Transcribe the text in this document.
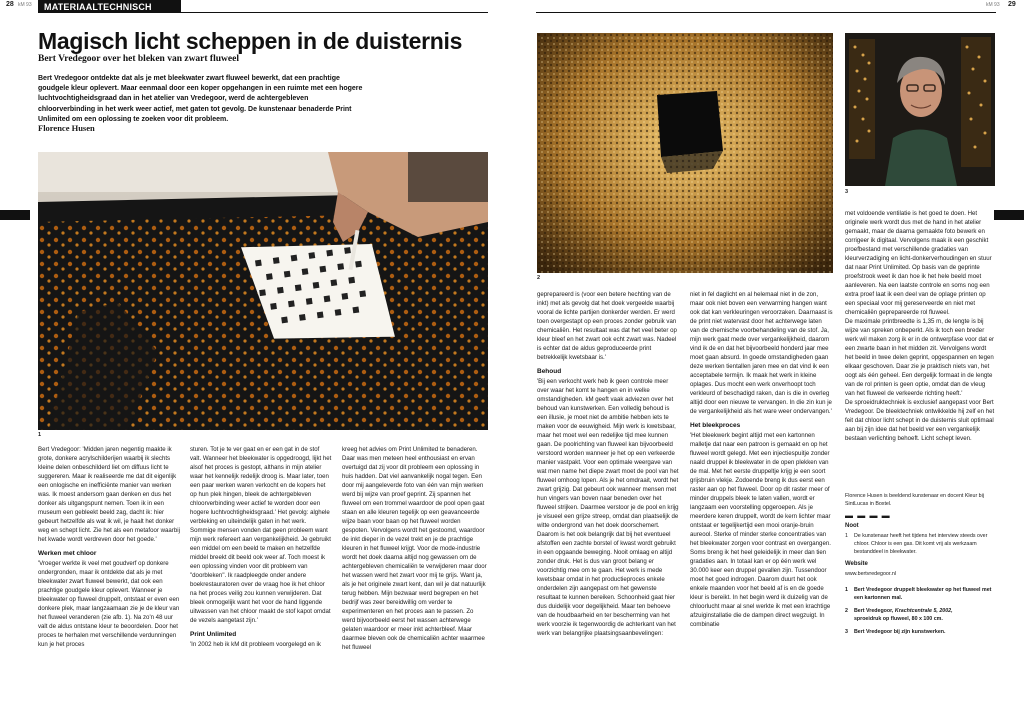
28 kM 93	MATERIAALTECHNISCH	kM 93 29
Magisch licht scheppen in de duisternis
Bert Vredegoor over het bleken van zwart fluweel
Bert Vredegoor ontdekte dat als je met bleekwater zwart fluweel bewerkt, dat een prachtige goudgele kleur oplevert. Maar eenmaal door een koper opgehangen in een ruimte met een hogere luchtvochtigheidsgraad dan in het atelier van Vredegoor, werd de achtergebleven chloorverbinding in het werk weer actief, met gaten tot gevolg. De kunstenaar benaderde Print Unlimited om een oplossing te zoeken voor dit probleem.
Florence Husen
1
2
3

Bert Vredegoor: 'Midden jaren negentig maakte ik grote, donkere acrylschilderijen waarbij ik slechts kleine delen onbeschilderd liet om diffuus licht te suggereren. Maar ik realiseerde me dat dit eigenlijk een onlogische en inefficiënte manier van werken was. Ik moest andersom gaan denken en dus het donker als uitgangspunt nemen. Toen ik in een museum een gebleekt beeld zag, dacht ik: hier gebeurt hetzelfde als wat ik wil, je haalt het donker weg en schept licht. Zie het als een metafoor waarbij het kwade wordt verdreven door het goede.'

Werken met chloor

'Vroeger werkte ik veel met goudverf op donkere ondergronden, maar ik ontdekte dat als je met bleekwater zwart fluweel bewerkt, dat ook een prachtige goudgele kleur oplevert. Wanneer je bleekwater op fluweel druppelt, ontstaat er even een donkere plek, maar langzaamaan zie je de kleur van het fluweel veranderen (zie afb. 1). Na zo'n 48 uur valt de aldus ontstane kleur te beoordelen. Door het proces te herhalen met verschillende verdunningen kun je het proces

sturen. Tot je te ver gaat en er een gat in de stof valt. Wanneer het bleekwater is opgedroogd, lijkt het alsof het proces is gestopt, althans in mijn atelier waar het kennelijk redelijk droog is. Maar later, toen een paar werken waren verkocht en de kopers het op hun plek hingen, bleek de achtergebleven chloorverbinding weer actief te worden door een hogere luchtvochtigheidsgraad.' Het gevolg: alghele verbleking en uiteindelijk gaten in het werk.

Sommige mensen vonden dat geen probleem want mijn werk refereert aan vergankelijkheid. Je gebruikt een middel om een beeld te maken en hetzelfde middel breekt dit beeld ook weer af. Toch moest ik een oplossing vinden voor dit probleem van "doorbleken". Ik raadpleegde onder andere boekrestauratoren over de vraag hoe ik het chloor na het proces veilig zou kunnen verwijderen. Dat bleek onmogelijk want het voor de hand liggende uitwassen van het chloor maakt de stof kapot omdat de vezels aangetast zijn.'

Print Unlimited

'In 2002 heb ik kM dit probleem voorgelegd en ik

kreeg het advies om Print Unlimited te benaderen. Daar was men meteen heel enthousiast en ervan overtuigd dat zij voor dit probleem een oplossing in huis hadden. Dat viel aanvankelijk nogal tegen. Een door mij aangeleverde foto van één van mijn werken werd bij wijze van proef geprint. Zij spannen het fluweel om een trommel waardoor de pool open gaat staan en alle kleuren tegelijk op een geavanceerde wijze baan voor baan op het fluweel worden gespoten. Vervolgens wordt het gestoomd, waardoor de inkt dieper in de vezel trekt en je de prachtige kleuren in het fluweel krijgt. Voor de mode-industrie wordt het doek daarna altijd nog gewassen om de achtergebleven chemicaliën te verwijderen maar door het wassen werd het zwart voor mij te grijs. Want ja, als je het originele zwart kent, dan wil je dat natuurlijk terug hebben. Mijn bezwaar werd begrepen en het bedrijf was zeer bereidwillig om verder te experimenteren en het proces aan te passen. Zo werd bijvoorbeeld eerst het wassen achterwege gelaten waardoor er meer inkt achterbleef. Maar daarmee bleven ook de chemicaliën achter waarmee het fluweel

geprepareerd is (voor een betere hechting van de inkt) met als gevolg dat het doek vergeelde waarbij vooral de lichte partijen donkerder werden. Er werd toen overgestapt op een proces zonder gebruik van chemicaliën. Het resultaat was dat het veel beter op kleur bleef en het zwart ook echt zwart was. Nadeel is echter dat de aldus geproduceerde print betrekkelijk kwetsbaar is.'

Behoud

'Bij een verkocht werk heb ik geen controle meer over waar het komt te hangen en in welke omstandigheden. kM geeft vaak adviezen over het behoud van kunstwerken. Een volledig behoud is een illusie, je moet niet de ambitie hebben iets te maken voor de eeuwigheid. Mijn werk is kwetsbaar, maar het moet wel een redelijke tijd mee kunnen gaan. De poolrichting van fluweel kan bijvoorbeeld verstoord worden wanneer je het op een verkeerde manier vastpakt. Voor een optimale weergave van wat men name het diepe zwart moet de pool van het fluweel omhoog lopen. Als je het omdraait, wordt het zwart grijzig. Dat gebeurt ook wanneer mensen met hun vingers van boven naar beneden over het fluweel strijken. Daarmee verstoor je de pool en krijg je visueel een grijze streep, omdat dan plaatselijk de witte ondergrond van het doek doorschemert. Daarom is het ook belangrijk dat bij het eventueel afstoffen een zachte borstel of kwast wordt gebruikt in een opgaande beweging. Nooit omlaag en altijd zonder druk. Het is dus van groot belang er voorzichtig mee om te gaan. Het werk is mede kwetsbaar omdat in het productieproces enkele onderdelen zijn aangepast om het gewenste resultaat te kunnen bereiken. Schoonheid gaat hier dus duidelijk voor degelijkheid. Maar ten behoeve van de houdbaarheid en ter bescherming van het werk voorzie ik tegenwoordig de achterkant van het werk van belangrijke plaatsingsaanbevelingen:

niet in fel daglicht en al helemaal niet in de zon, maar ook niet boven een verwarming hangen want ook dat kan verkleuringen veroorzaken. Daarnaast is de print niet watervast door het achterwege laten van de chemische voorbehandeling van de stof. Ja, mijn werk gaat mede over vergankelijkheid, daarom vind ik de en dat het bijvoorbeeld honderd jaar mee moet gaan absurd. In goede omstandigheden gaan deze werken tientallen jaren mee en dat vind ik een acceptabele termijn. Ik maak het werk in kleine oplages. Dus mocht een werk onverhoopt toch verkleurd of beschadigd raken, dan is die in overleg altijd door een nieuwe te vervangen. In die zin kun je de vergankelijkheid als het ware weer ondervangen.'

Het bleekproces

'Het bleekwerk begint altijd met een kartonnen malletje dat naar een patroon is gemaakt en op het fluweel wordt gelegd. Met een injectiespuitje zonder naald druppel ik bleekwater in de open plekken van de mal. Met het eerste druppeltje krijg je een soort grijsbruin vlekje. Zodoende breng ik dus eerst een raster aan op het fluweel. Door op dit raster meer of minder druppels bleek te laten vallen, wordt er langzaam een voorstelling opgeroepen. Als je meerdere keren druppelt, wordt de kern lichter maar ontstaat er tegelijkertijd een mooi oranje-bruin aureool. Sterke of minder sterke concentraties van het bleekwater zorgen voor contrast en overgangen. Soms breng ik het heel geleidelijk in meer dan tien gradaties aan. In totaal kan er op één werk wel 30.000 keer een druppel gevallen zijn. Tussendoor moet het goed indrogen. Daarom duurt het ook enkele maanden voor het beeld af is en de goede kleur is bereikt. In het begin werd ik duizelig van de chloorlucht maar al snel werkte ik met een krachtige afzuiginstallatie die de dampen direct wegzuigt. In combinatie

met voldoende ventilatie is het goed te doen. Het originele werk wordt dus met de hand in het atelier gemaakt, maar de daarna gemaakte foto bewerk en corrigeer ik digitaal. Vervolgens maak ik een geschikt proefbestand met verschillende gradaties van kleurverzadiging en licht-donkerverhoudingen en stuur dat naar Print Unlimited. Op basis van de geprinte proefstrook weet ik dan hoe ik het hele beeld moet aanleveren. Na een laatste controle en soms nog een extra proef laat ik een deel van de oplage printen op een speciaal voor mij gereserveerde en niet met chemicaliën geprepareerde rol fluweel.

De maximale printbreedte is 1,35 m, de lengte is bij wijze van spreken onbeperkt. Als ik toch een breder werk wil maken zorg ik er in de ontwerpfase voor dat er een zwarte baan in het midden zit. Vervolgens wordt het beeld in twee delen geprint, opgespannen en tegen elkaar geschoven. Daar zie je praktisch niets van, het oogt als één geheel. Een dergelijk formaat in de lengte van de rol printen is geen optie, omdat dan de vleug van het fluweel de verkeerde richting heeft.'

De sproeidruktechniek is exclusief aangepast voor Bert Vredegoor. De bleektechniek ontwikkelde hij zelf en het feit dat chloor licht schept in de duisternis sluit optimaal aan bij zijn idee dat het beeld ver een vergankelijk bestaan verlichting behoeft. Licht schept leven.

Florence Husen is beeldend kunstenaar en docent Kleur bij SintLucas in Boxtel.

▬ ▬ ▬ ▬
Noot
1 De kunstenaar heeft het tijdens het interview steeds over chloor. Chloor is een gas. Dit komt vrij als werkzaam bestanddeel in bleekwater.
Website

www.bertvredegoor.nl

1 Bert Vredegoor druppelt bleekwater op het fluweel met een kartonnen mal.
2 Bert Vredegoor, Krachtcentrale 5, 2002,
sproeidruk op fluweel, 80 x 100 cm.
3 Bert Vredegoor bij zijn kunstwerken.
